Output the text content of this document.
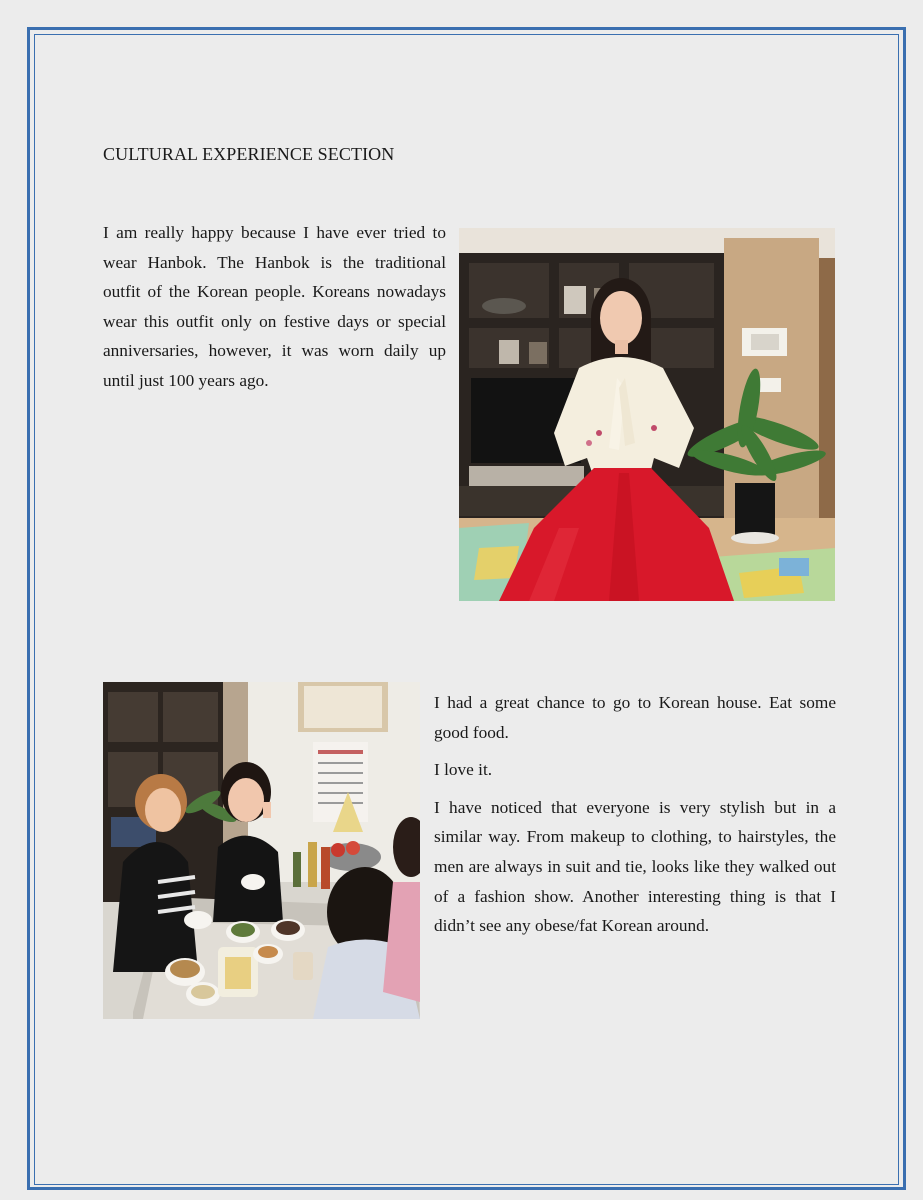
CULTURAL EXPERIENCE SECTION
I am really happy because I have ever tried to wear Hanbok. The Hanbok is the traditional outfit of the Korean people. Koreans nowadays wear this outfit only on festive days or special anniversaries, however, it was worn daily up until just 100 years ago.

I had a great chance to go to Korean house. Eat some good food.

I love it.

I have noticed that everyone is very stylish but in a similar way. From makeup to clothing, to hairstyles, the men are always in suit and tie, looks like they walked out of a fashion show. Another interesting thing is that I didn’t see any obese/fat Korean around.
